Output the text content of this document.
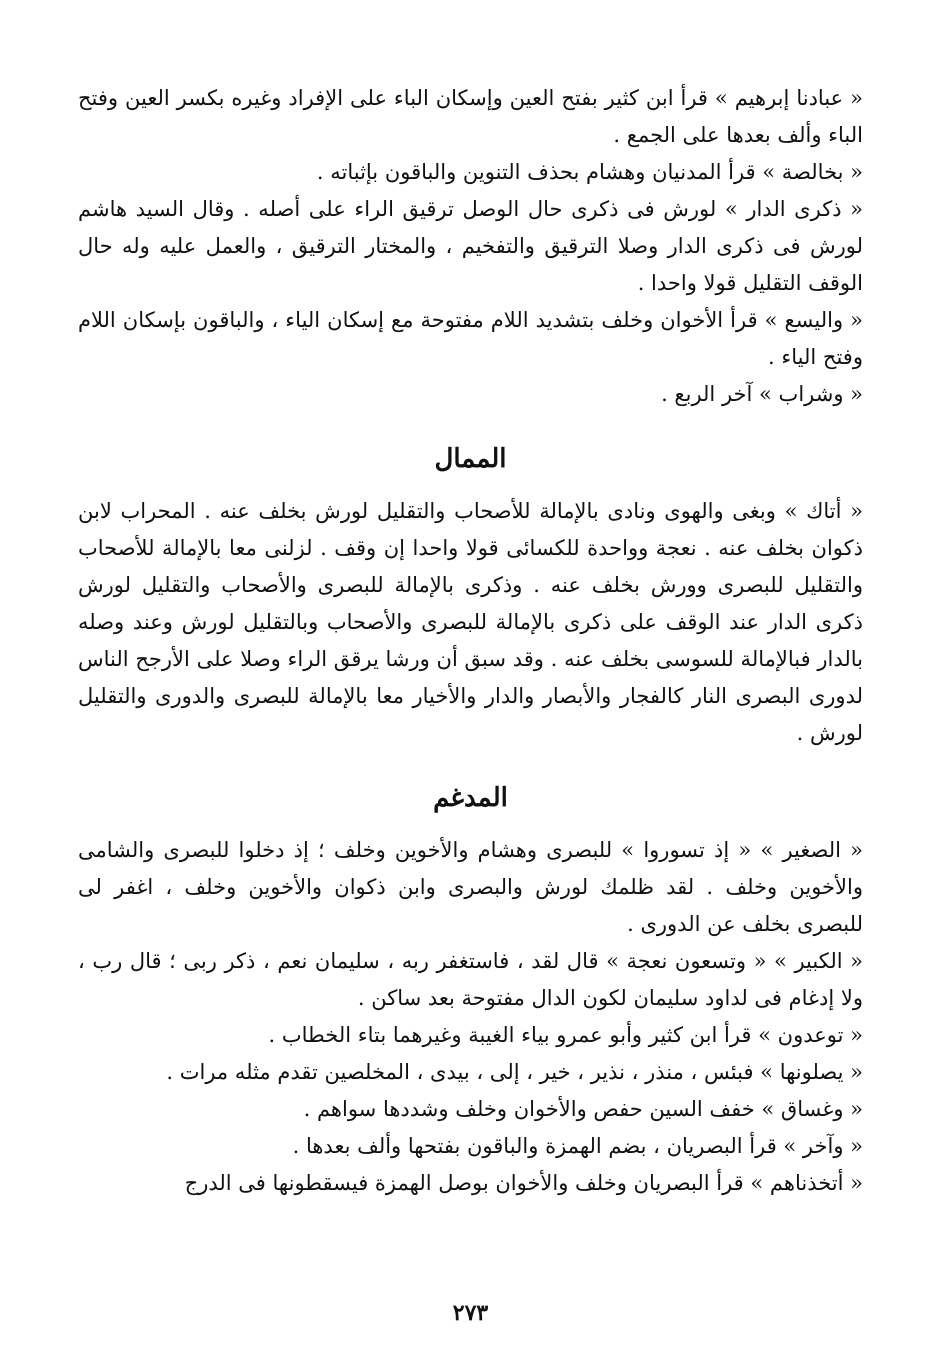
« عبادنا إبرهيم » قرأ ابن كثير بفتح العين وإسكان الباء على الإفراد وغيره بكسر العين وفتح الباء وألف بعدها على الجمع .

« بخالصة » قرأ المدنيان وهشام بحذف التنوين والباقون بإثباته .

« ذكرى الدار » لورش فى ذكرى حال الوصل ترقيق الراء على أصله . وقال السيد هاشم لورش فى ذكرى الدار وصلا الترقيق والتفخيم ، والمختار الترقيق ، والعمل عليه وله حال الوقف التقليل قولا واحدا .

« واليسع » قرأ الأخوان وخلف بتشديد اللام مفتوحة مع إسكان الياء ، والباقون بإسكان اللام وفتح الياء .

« وشراب » آخر الربع .

الممال

« أتاك » وبغى والهوى ونادى بالإمالة للأصحاب والتقليل لورش بخلف عنه . المحراب لابن ذكوان بخلف عنه . نعجة وواحدة للكسائى قولا واحدا إن وقف . لزلنى معا بالإمالة للأصحاب والتقليل للبصرى وورش بخلف عنه . وذكرى بالإمالة للبصرى والأصحاب والتقليل لورش ذكرى الدار عند الوقف على ذكرى بالإمالة للبصرى والأصحاب وبالتقليل لورش وعند وصله بالدار فبالإمالة للسوسى بخلف عنه . وقد سبق أن ورشا يرقق الراء وصلا على الأرجح الناس لدورى البصرى النار كالفجار والأبصار والدار والأخيار معا بالإمالة للبصرى والدورى والتقليل لورش .

المدغم

« الصغير » « إذ تسوروا » للبصرى وهشام والأخوين وخلف ؛ إذ دخلوا للبصرى والشامى والأخوين وخلف . لقد ظلمك لورش والبصرى وابن ذكوان والأخوين وخلف ، اغفر لى للبصرى بخلف عن الدورى .

« الكبير » « وتسعون نعجة » قال لقد ، فاستغفر ربه ، سليمان نعم ، ذكر ربى ؛ قال رب ، ولا إدغام فى لداود سليمان لكون الدال مفتوحة بعد ساكن .

« توعدون » قرأ ابن كثير وأبو عمرو بياء الغيبة وغيرهما بتاء الخطاب .

« يصلونها » فبئس ، منذر ، نذير ، خير ، إلى ، بيدى ، المخلصين تقدم مثله مرات .

« وغساق » خفف السين حفص والأخوان وخلف وشددها سواهم .

« وآخر » قرأ البصريان ، بضم الهمزة والباقون بفتحها وألف بعدها .

« أتخذناهم » قرأ البصريان وخلف والأخوان بوصل الهمزة فيسقطونها فى الدرج

٢٧٣
